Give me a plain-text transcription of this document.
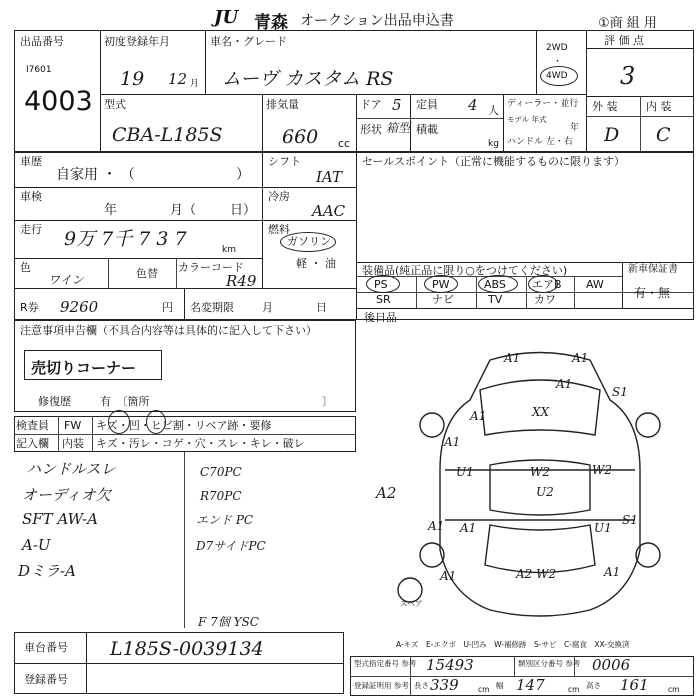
JU 青森 オークション出品申込書	①商 組 用
出品番号
I7601
4003
初度登録年月
19 12 月
車名・グレード
ムーヴ カスタム RS
2WD
・
4WD
評 価 点
3
型式
CBA-L185S
排気量
660 cc
ドア 5 定員 4 人 ディーラー・並行
モデル 年式
年
ハンドル 左・右
形状 箱型 積載
kg
外 装	内 装
D C
車歴
自家用 ・ （	）
シフト
IAT
セールスポイント（正常に機能するものに限ります）
車検
年	月（	日）
冷房
AAC
走行 9万 7千 7 3 7	km
燃料
ガソリン
軽 ・ 油
色
ワイン	色替 カラーコード
R49
装備品(純正品に限り○をつけてください)
PS	PW	ABS エアB AW
SR	ナビ	TV	カワ
新車保証書
有・無
R券 9260	円 名変期限	月	日
後日品
注意事項申告欄（不具合内容等は具体的に記入して下さい）
売切りコーナー
修復歴	有　〔箇所	〕
検査員 FW キズ・凹・ヒビ割・リベア跡・要修
記入欄 内装 キズ・汚レ・コゲ・穴・スレ・キレ・破レ
ハンドルスレ
オーディオ欠
SFT AW-A
A-U
Dミラ-A
C70PC
R70PC
エンド PC
D7サイドPC
F 7個 YSC
A1	A1
A1
S1
XX
A1
A1
U1	W2	W2
U2
A2
A1 A1	U1
S1
A2 W2	A1
A1
スペア
A-キズ　E-エクボ　U-凹み　W-補修跡　S-サビ　C-腐食　XX-交換済
車台番号 L185S-0039134
登録番号
型式指定番号 参考 15493	類別区分番号 参考 0006
登録証明用 参考 長さ 339	cm 幅 147	cm 高さ 161	cm
